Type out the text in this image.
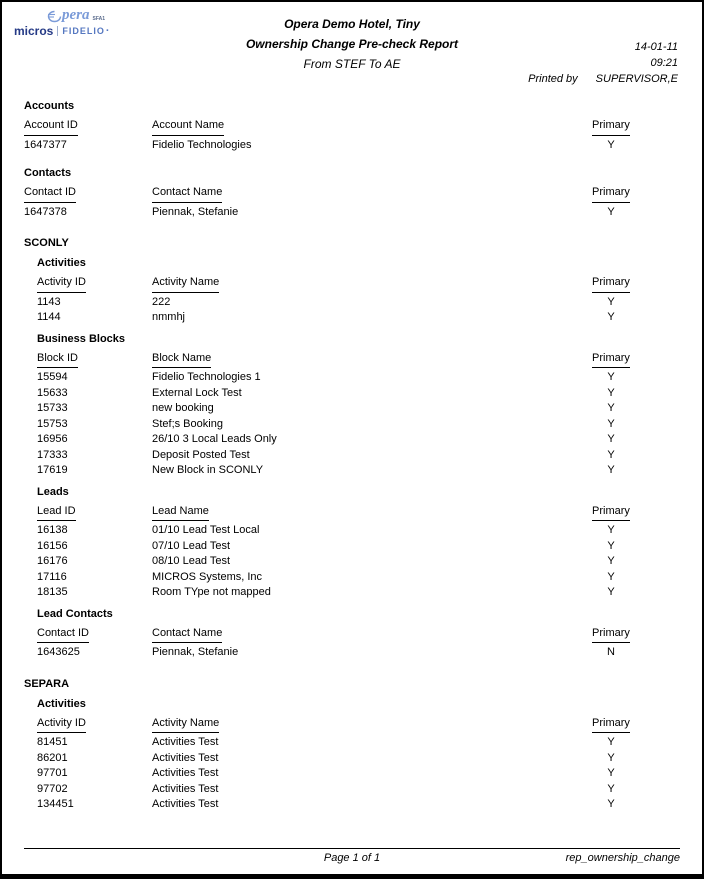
pera SFA1
micros FIDELIO ·	Opera Demo Hotel, Tiny
Ownership Change Pre-check Report
From STEF To AE
14-01-11
09:21
Printed by SUPERVISOR,E
Accounts
Account ID	Account Name	Primary
1647377	Fidelio Technologies	Y
Contacts
Contact ID	Contact Name	Primary
1647378	Piennak, Stefanie	Y
SCONLY
Activities
Activity ID	Activity Name	Primary
1143	222	Y
1144	nmmhj	Y
Business Blocks
Block ID	Block Name	Primary
15594	Fidelio Technologies 1	Y
15633	External Lock Test	Y
15733	new booking	Y
15753	Stef;s Booking	Y
16956	26/10 3 Local Leads Only	Y
17333	Deposit Posted Test	Y
17619	New Block in SCONLY	Y
Leads
Lead ID	Lead Name	Primary
16138	01/10 Lead Test Local	Y
16156	07/10 Lead Test	Y
16176	08/10 Lead Test	Y
17116	MICROS Systems, Inc	Y
18135	Room TYpe not mapped	Y
Lead Contacts
Contact ID	Contact Name	Primary
1643625	Piennak, Stefanie	N
SEPARA
Activities
Activity ID	Activity Name	Primary
81451	Activities Test	Y
86201	Activities Test	Y
97701	Activities Test	Y
97702	Activities Test	Y
134451	Activities Test	Y
Page 1 of 1	rep_ownership_change
